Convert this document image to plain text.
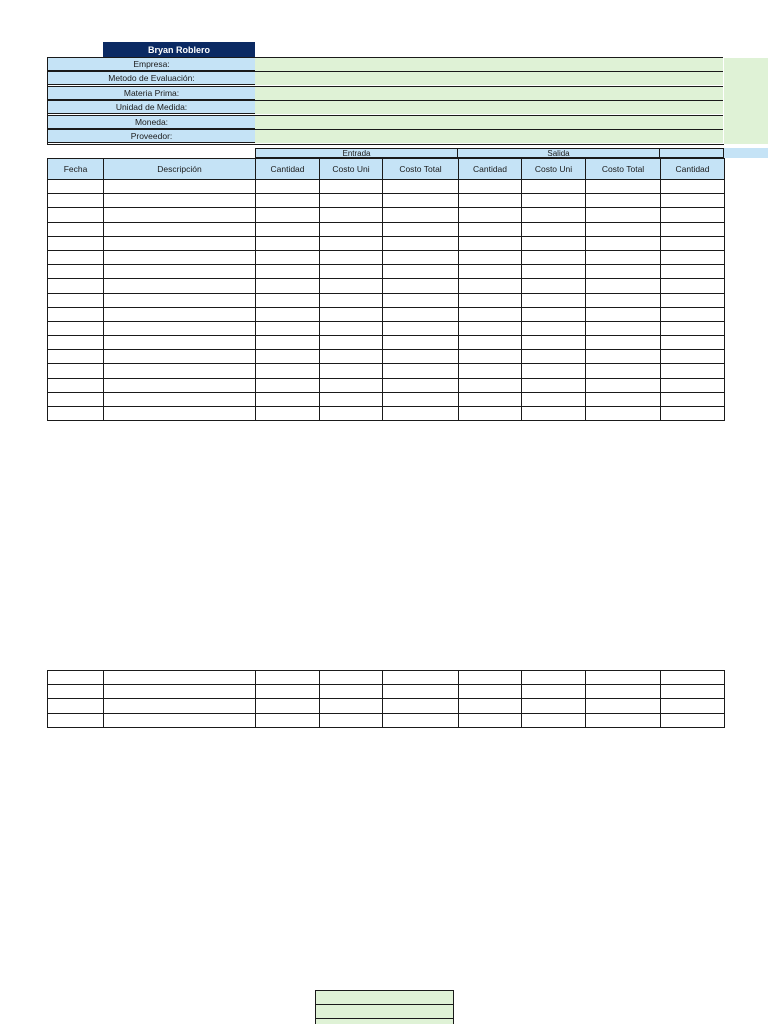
Bryan Roblero
Empresa:
Metodo de Evaluación:
Materia Prima:
Unidad de Medida:
Moneda:
Proveedor:
Entrada	Salida
Fecha	Descripción	Cantidad	Costo Uni	Costo Total	Cantidad	Costo Uni	Costo Total	Cantidad
